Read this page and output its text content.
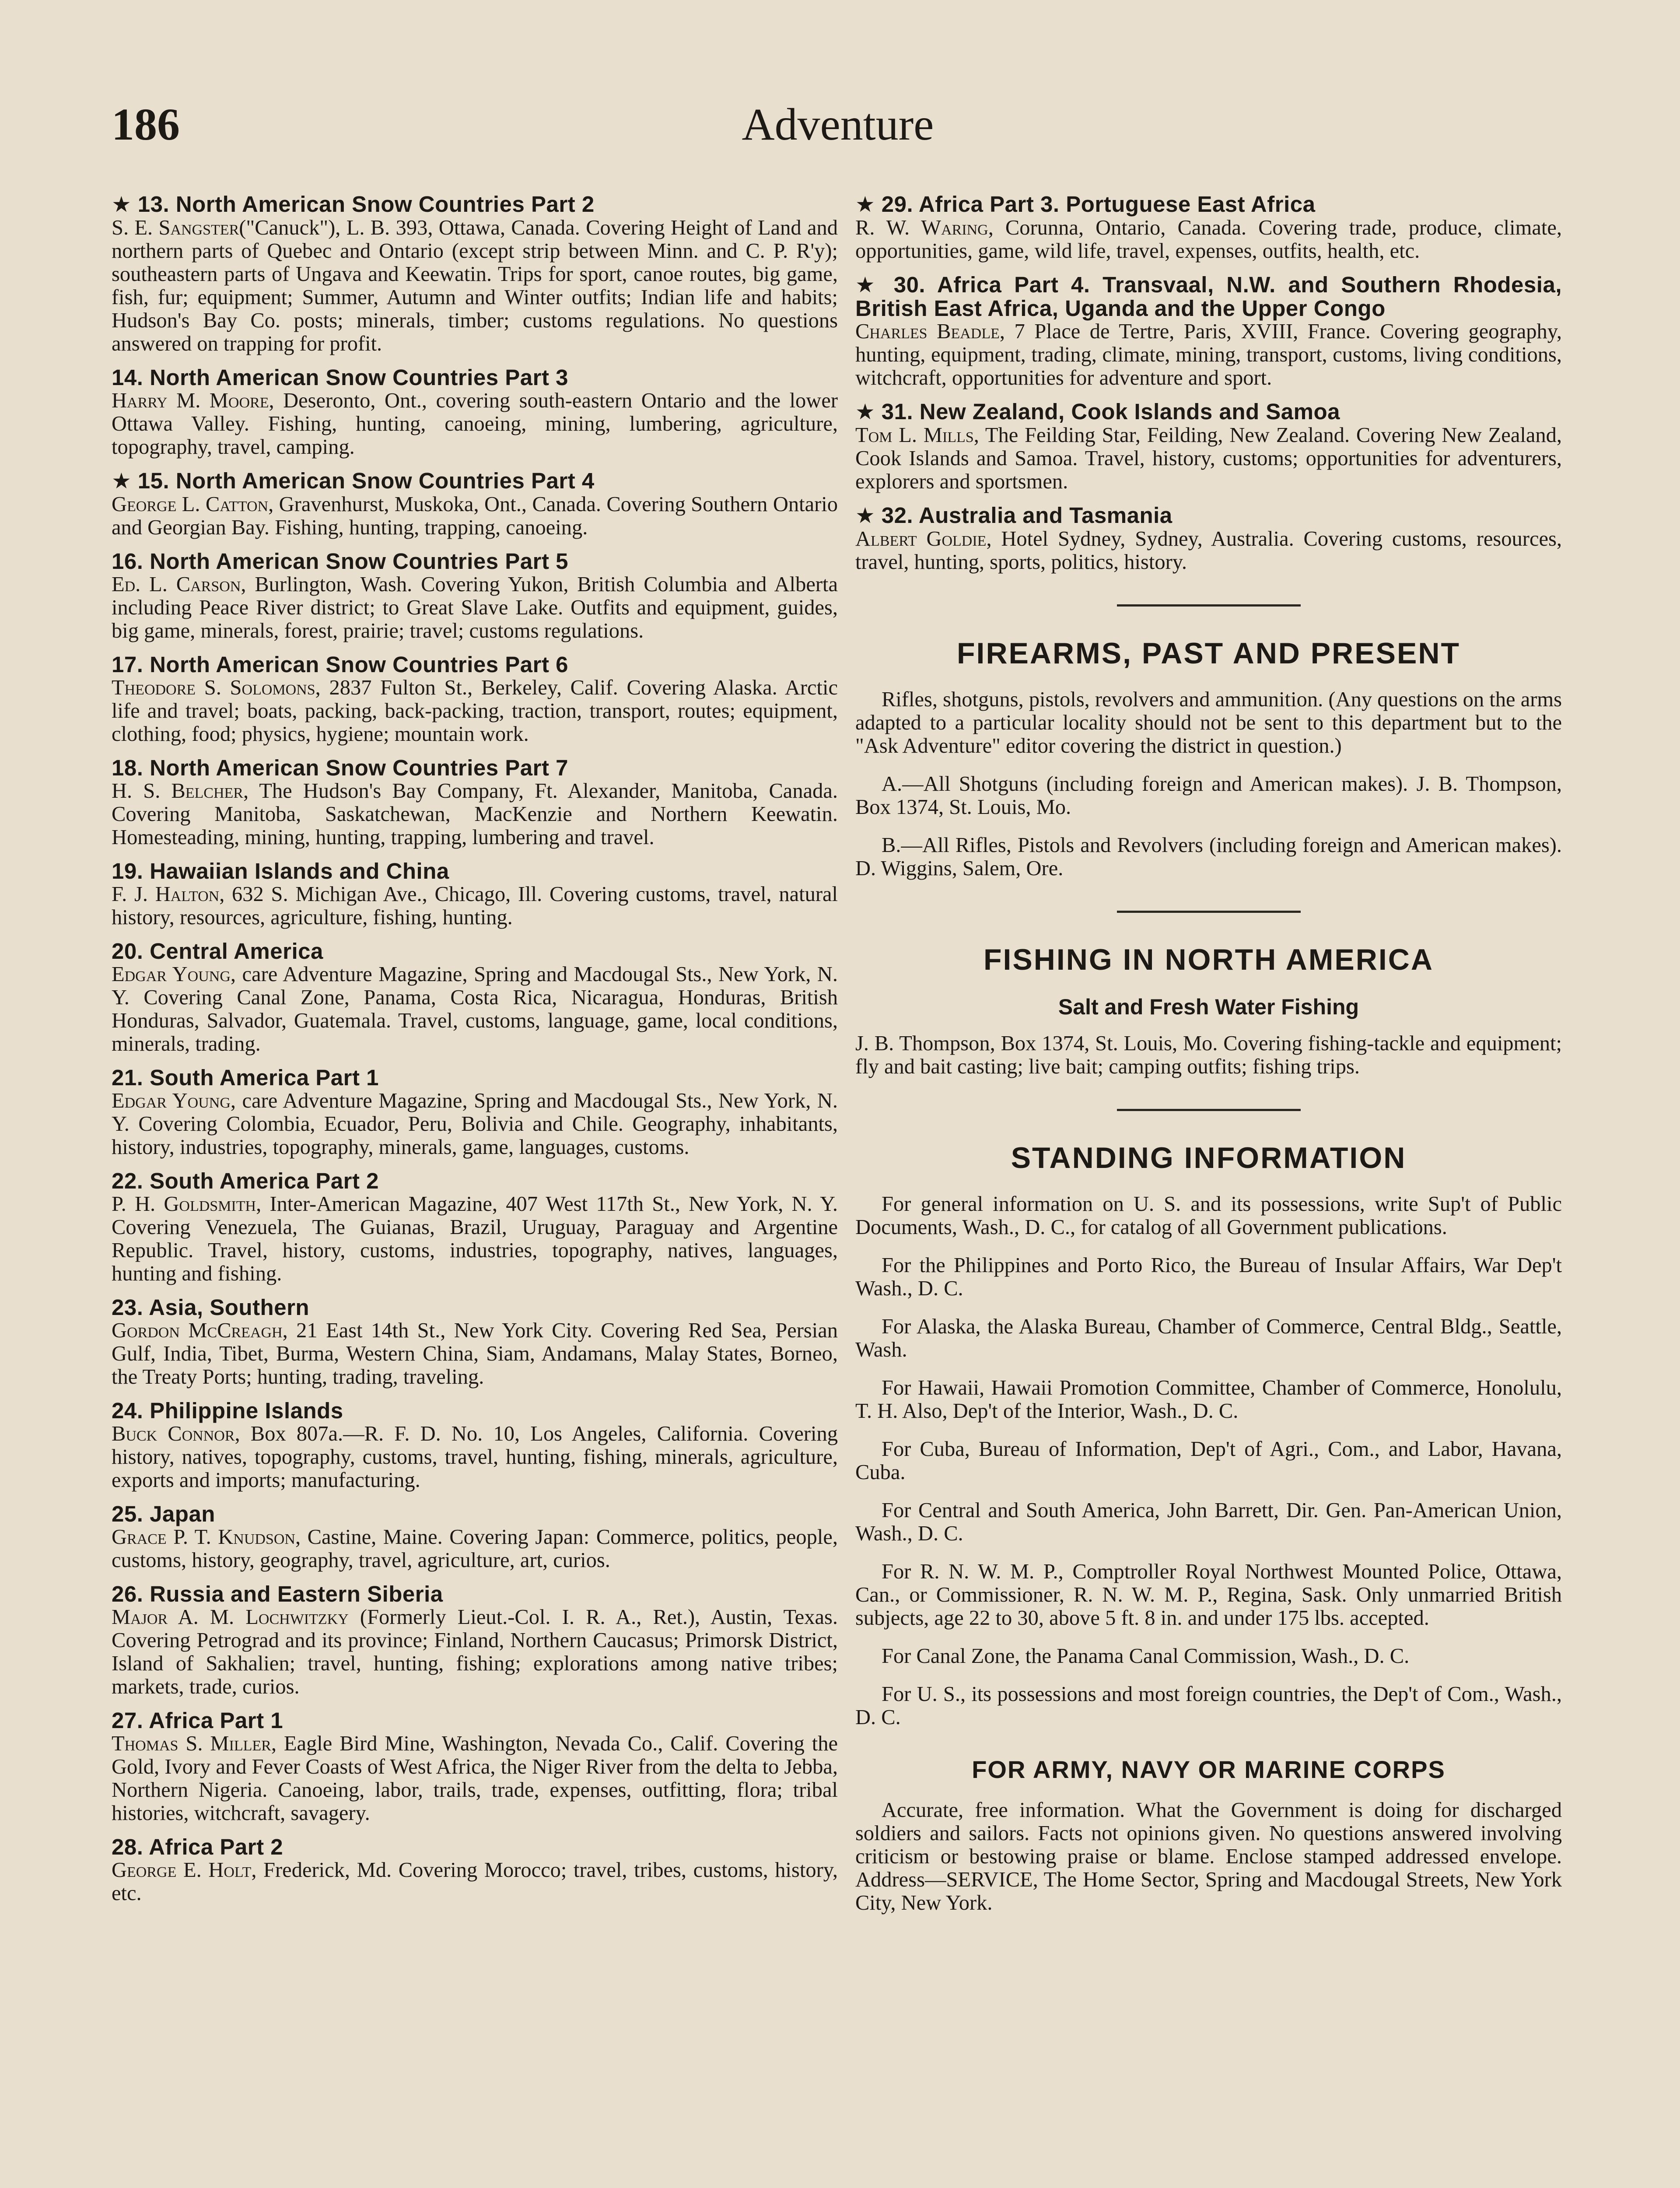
186	Adventure
★ 13. North American Snow Countries Part 2
S. E. Sangster("Canuck"), L. B. 393, Ottawa, Canada. Covering Height of Land and northern parts of Quebec and Ontario (except strip between Minn. and C. P. R'y); southeastern parts of Ungava and Keewatin. Trips for sport, canoe routes, big game, fish, fur; equipment; Summer, Autumn and Winter outfits; Indian life and habits; Hudson's Bay Co. posts; minerals, timber; customs regulations. No questions answered on trapping for profit.
14. North American Snow Countries Part 3
Harry M. Moore, Deseronto, Ont., covering south-eastern Ontario and the lower Ottawa Valley. Fishing, hunting, canoeing, mining, lumbering, agriculture, topography, travel, camping.
★ 15. North American Snow Countries Part 4
George L. Catton, Gravenhurst, Muskoka, Ont., Canada. Covering Southern Ontario and Georgian Bay. Fishing, hunting, trapping, canoeing.
16. North American Snow Countries Part 5
Ed. L. Carson, Burlington, Wash. Covering Yukon, British Columbia and Alberta including Peace River district; to Great Slave Lake. Outfits and equipment, guides, big game, minerals, forest, prairie; travel; customs regulations.
17. North American Snow Countries Part 6
Theodore S. Solomons, 2837 Fulton St., Berkeley, Calif. Covering Alaska. Arctic life and travel; boats, packing, back-packing, traction, transport, routes; equipment, clothing, food; physics, hygiene; mountain work.
18. North American Snow Countries Part 7
H. S. Belcher, The Hudson's Bay Company, Ft. Alexander, Manitoba, Canada. Covering Manitoba, Saskatchewan, MacKenzie and Northern Keewatin. Homesteading, mining, hunting, trapping, lumbering and travel.
19. Hawaiian Islands and China
F. J. Halton, 632 S. Michigan Ave., Chicago, Ill. Covering customs, travel, natural history, resources, agriculture, fishing, hunting.
20. Central America
Edgar Young, care Adventure Magazine, Spring and Macdougal Sts., New York, N. Y. Covering Canal Zone, Panama, Costa Rica, Nicaragua, Honduras, British Honduras, Salvador, Guatemala. Travel, customs, language, game, local conditions, minerals, trading.
21. South America Part 1
Edgar Young, care Adventure Magazine, Spring and Macdougal Sts., New York, N. Y. Covering Colombia, Ecuador, Peru, Bolivia and Chile. Geography, inhabitants, history, industries, topography, minerals, game, languages, customs.
22. South America Part 2
P. H. Goldsmith, Inter-American Magazine, 407 West 117th St., New York, N. Y. Covering Venezuela, The Guianas, Brazil, Uruguay, Paraguay and Argentine Republic. Travel, history, customs, industries, topography, natives, languages, hunting and fishing.
23. Asia, Southern
Gordon McCreagh, 21 East 14th St., New York City. Covering Red Sea, Persian Gulf, India, Tibet, Burma, Western China, Siam, Andamans, Malay States, Borneo, the Treaty Ports; hunting, trading, traveling.
24. Philippine Islands
Buck Connor, Box 807a.—R. F. D. No. 10, Los Angeles, California. Covering history, natives, topography, customs, travel, hunting, fishing, minerals, agriculture, exports and imports; manufacturing.
25. Japan
Grace P. T. Knudson, Castine, Maine. Covering Japan: Commerce, politics, people, customs, history, geography, travel, agriculture, art, curios.
26. Russia and Eastern Siberia
Major A. M. Lochwitzky (Formerly Lieut.-Col. I. R. A., Ret.), Austin, Texas. Covering Petrograd and its province; Finland, Northern Caucasus; Primorsk District, Island of Sakhalien; travel, hunting, fishing; explorations among native tribes; markets, trade, curios.
27. Africa Part 1
Thomas S. Miller, Eagle Bird Mine, Washington, Nevada Co., Calif. Covering the Gold, Ivory and Fever Coasts of West Africa, the Niger River from the delta to Jebba, Northern Nigeria. Canoeing, labor, trails, trade, expenses, outfitting, flora; tribal histories, witchcraft, savagery.
28. Africa Part 2
George E. Holt, Frederick, Md. Covering Morocco; travel, tribes, customs, history, etc.
★ 29. Africa Part 3. Portuguese East Africa
R. W. Waring, Corunna, Ontario, Canada. Covering trade, produce, climate, opportunities, game, wild life, travel, expenses, outfits, health, etc.
★ 30. Africa Part 4. Transvaal, N.W. and Southern Rhodesia, British East Africa, Uganda and the Upper Congo
Charles Beadle, 7 Place de Tertre, Paris, XVIII, France. Covering geography, hunting, equipment, trading, climate, mining, transport, customs, living conditions, witchcraft, opportunities for adventure and sport.
★ 31. New Zealand, Cook Islands and Samoa
Tom L. Mills, The Feilding Star, Feilding, New Zealand. Covering New Zealand, Cook Islands and Samoa. Travel, history, customs; opportunities for adventurers, explorers and sportsmen.
★ 32. Australia and Tasmania
Albert Goldie, Hotel Sydney, Sydney, Australia. Covering customs, resources, travel, hunting, sports, politics, history.
FIREARMS, PAST AND PRESENT
Rifles, shotguns, pistols, revolvers and ammunition. (Any questions on the arms adapted to a particular locality should not be sent to this department but to the "Ask Adventure" editor covering the district in question.)
A.—All Shotguns (including foreign and American makes). J. B. Thompson, Box 1374, St. Louis, Mo.
B.—All Rifles, Pistols and Revolvers (including foreign and American makes). D. Wiggins, Salem, Ore.
FISHING IN NORTH AMERICA
Salt and Fresh Water Fishing
J. B. Thompson, Box 1374, St. Louis, Mo. Covering fishing-tackle and equipment; fly and bait casting; live bait; camping outfits; fishing trips.
STANDING INFORMATION
For general information on U. S. and its possessions, write Sup't of Public Documents, Wash., D. C., for catalog of all Government publications.
For the Philippines and Porto Rico, the Bureau of Insular Affairs, War Dep't Wash., D. C.
For Alaska, the Alaska Bureau, Chamber of Commerce, Central Bldg., Seattle, Wash.
For Hawaii, Hawaii Promotion Committee, Chamber of Commerce, Honolulu, T. H. Also, Dep't of the Interior, Wash., D. C.
For Cuba, Bureau of Information, Dep't of Agri., Com., and Labor, Havana, Cuba.
For Central and South America, John Barrett, Dir. Gen. Pan-American Union, Wash., D. C.
For R. N. W. M. P., Comptroller Royal Northwest Mounted Police, Ottawa, Can., or Commissioner, R. N. W. M. P., Regina, Sask. Only unmarried British subjects, age 22 to 30, above 5 ft. 8 in. and under 175 lbs. accepted.
For Canal Zone, the Panama Canal Commission, Wash., D. C.
For U. S., its possessions and most foreign countries, the Dep't of Com., Wash., D. C.
FOR ARMY, NAVY OR MARINE CORPS
Accurate, free information. What the Government is doing for discharged soldiers and sailors. Facts not opinions given. No questions answered involving criticism or bestowing praise or blame. Enclose stamped addressed envelope. Address—SERVICE, The Home Sector, Spring and Macdougal Streets, New York City, New York.
